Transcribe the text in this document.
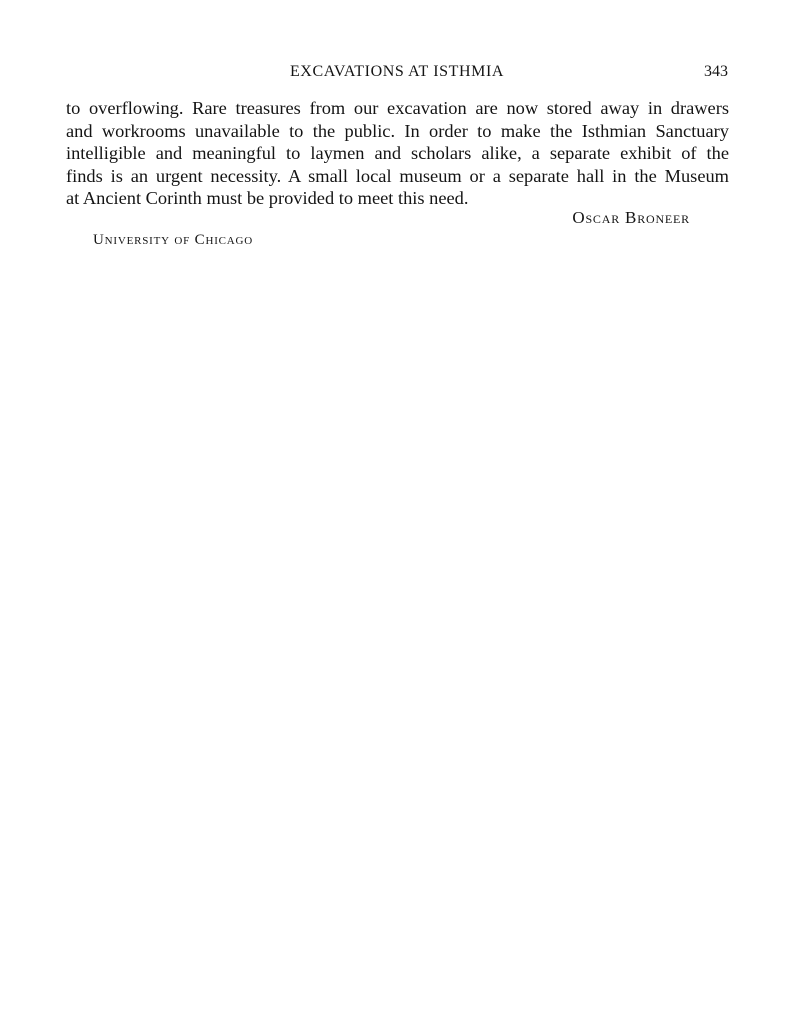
EXCAVATIONS AT ISTHMIA	343
to overflowing. Rare treasures from our excavation are now stored away in drawers
and workrooms unavailable to the public. In order to make the Isthmian Sanctuary
intelligible and meaningful to laymen and scholars alike, a separate exhibit of the
finds is an urgent necessity. A small local museum or a separate hall in the Museum
at Ancient Corinth must be provided to meet this need.
Oscar Broneer
University of Chicago
